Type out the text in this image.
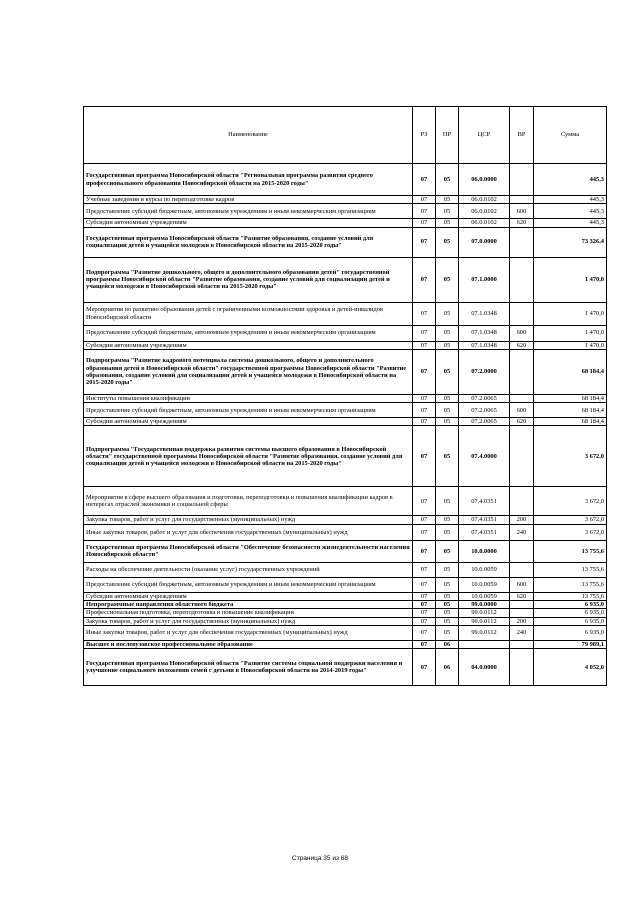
Наименование	РЗ	ПР	ЦСР	ВР	Сумма
Государственная программа Новосибирской области "Региональная программа развития среднего профессионального образования Новосибирской области на 2015-2020 годы"	07	05	06.0.0000		445,3
Учебные заведения и курсы по переподготовке кадров	07	05	06.0.0102		445,3
Предоставление субсидий бюджетным, автономным учреждениям и иным некоммерческим организациям	07	05	06.0.0102	600	445,3
Субсидии автономным учреждениям	07	05	06.0.0102	620	445,3
Государственная программа Новосибирской области "Развитие образования, создание условий для социализации детей и учащейся молодежи в Новосибирской области на 2015-2020 годы"	07	05	07.0.0000		73 326,4
Подпрограмма "Развитие дошкольного, общего и дополнительного образования детей" государственной программы Новосибирской области "Развитие образования, создание условий для социализации детей и учащейся молодежи в Новосибирской области на 2015-2020 годы"	07	05	07.1.0000		1 470,0
Мероприятия по развитию образования детей с ограниченными возможностями здоровья и детей-инвалидов Новосибирской области	07	05	07.1.0348		1 470,0
Предоставление субсидий бюджетным, автономным учреждениям и иным некоммерческим организациям	07	05	07.1.0348	600	1 470,0
Субсидии автономным учреждениям	07	05	07.1.0348	620	1 470,0
Подпрограмма "Развитие кадрового потенциала системы дошкольного, общего и дополнительного образования детей в Новосибирской области" государственной программы Новосибирской области "Развитие образования, создание условий для социализации детей и учащейся молодежи в Новосибирской области на 2015-2020 годы"	07	05	07.2.0000		68 184,4
Институты повышения квалификации	07	05	07.2.0065		68 184,4
Предоставление субсидий бюджетным, автономным учреждениям и иным некоммерческим организациям	07	05	07.2.0065	600	68 184,4
Субсидии автономным учреждениям	07	05	07.2.0065	620	68 184,4
Подпрограмма "Государственная поддержка развития системы высшего образования в Новосибирской области" государственной программы Новосибирской области "Развитие образования, создание условий для социализации детей и учащейся молодежи в Новосибирской области на 2015-2020 годы"	07	05	07.4.0000		3 672,0
Мероприятия в сфере высшего образования и подготовки, переподготовки и повышения квалификации кадров в интересах отраслей экономики и социальной сферы	07	05	07.4.0351		3 672,0
Закупка товаров, работ и услуг для государственных (муниципальных) нужд	07	05	07.4.0351	200	3 672,0
Иные закупки товаров, работ и услуг для обеспечения государственных (муниципальных) нужд	07	05	07.4.0351	240	3 672,0
Государственная программа Новосибирской области "Обеспечение безопасности жизнедеятельности населения Новосибирской области"	07	05	10.0.0000		13 755,6
Расходы на обеспечение деятельности (оказание услуг) государственных учреждений	07	05	10.0.0059		13 755,6
Предоставление субсидий бюджетным, автономным учреждениям и иным некоммерческим организациям	07	05	10.0.0059	600	13 755,6
Субсидии автономным учреждениям	07	05	10.0.0059	620	13 755,6
Непрограммные направления областного бюджета	07	05	99.0.0000		6 935,0
Профессиональная подготовка, переподготовка и повышение квалификации	07	05	99.0.0112		6 935,0
Закупка товаров, работ и услуг для государственных (муниципальных) нужд	07	05	99.0.0112	200	6 935,0
Иные закупки товаров, работ и услуг для обеспечения государственных (муниципальных) нужд	07	05	99.0.0112	240	6 935,0
Высшее и послевузовское профессиональное образование	07	06			79 989,1
Государственная программа Новосибирской области "Развитие системы социальной поддержки населения и улучшение социального положения семей с детьми в Новосибирской области на 2014-2019 годы"	07	06	04.0.0000		4 052,0
Страница 35 из 68
